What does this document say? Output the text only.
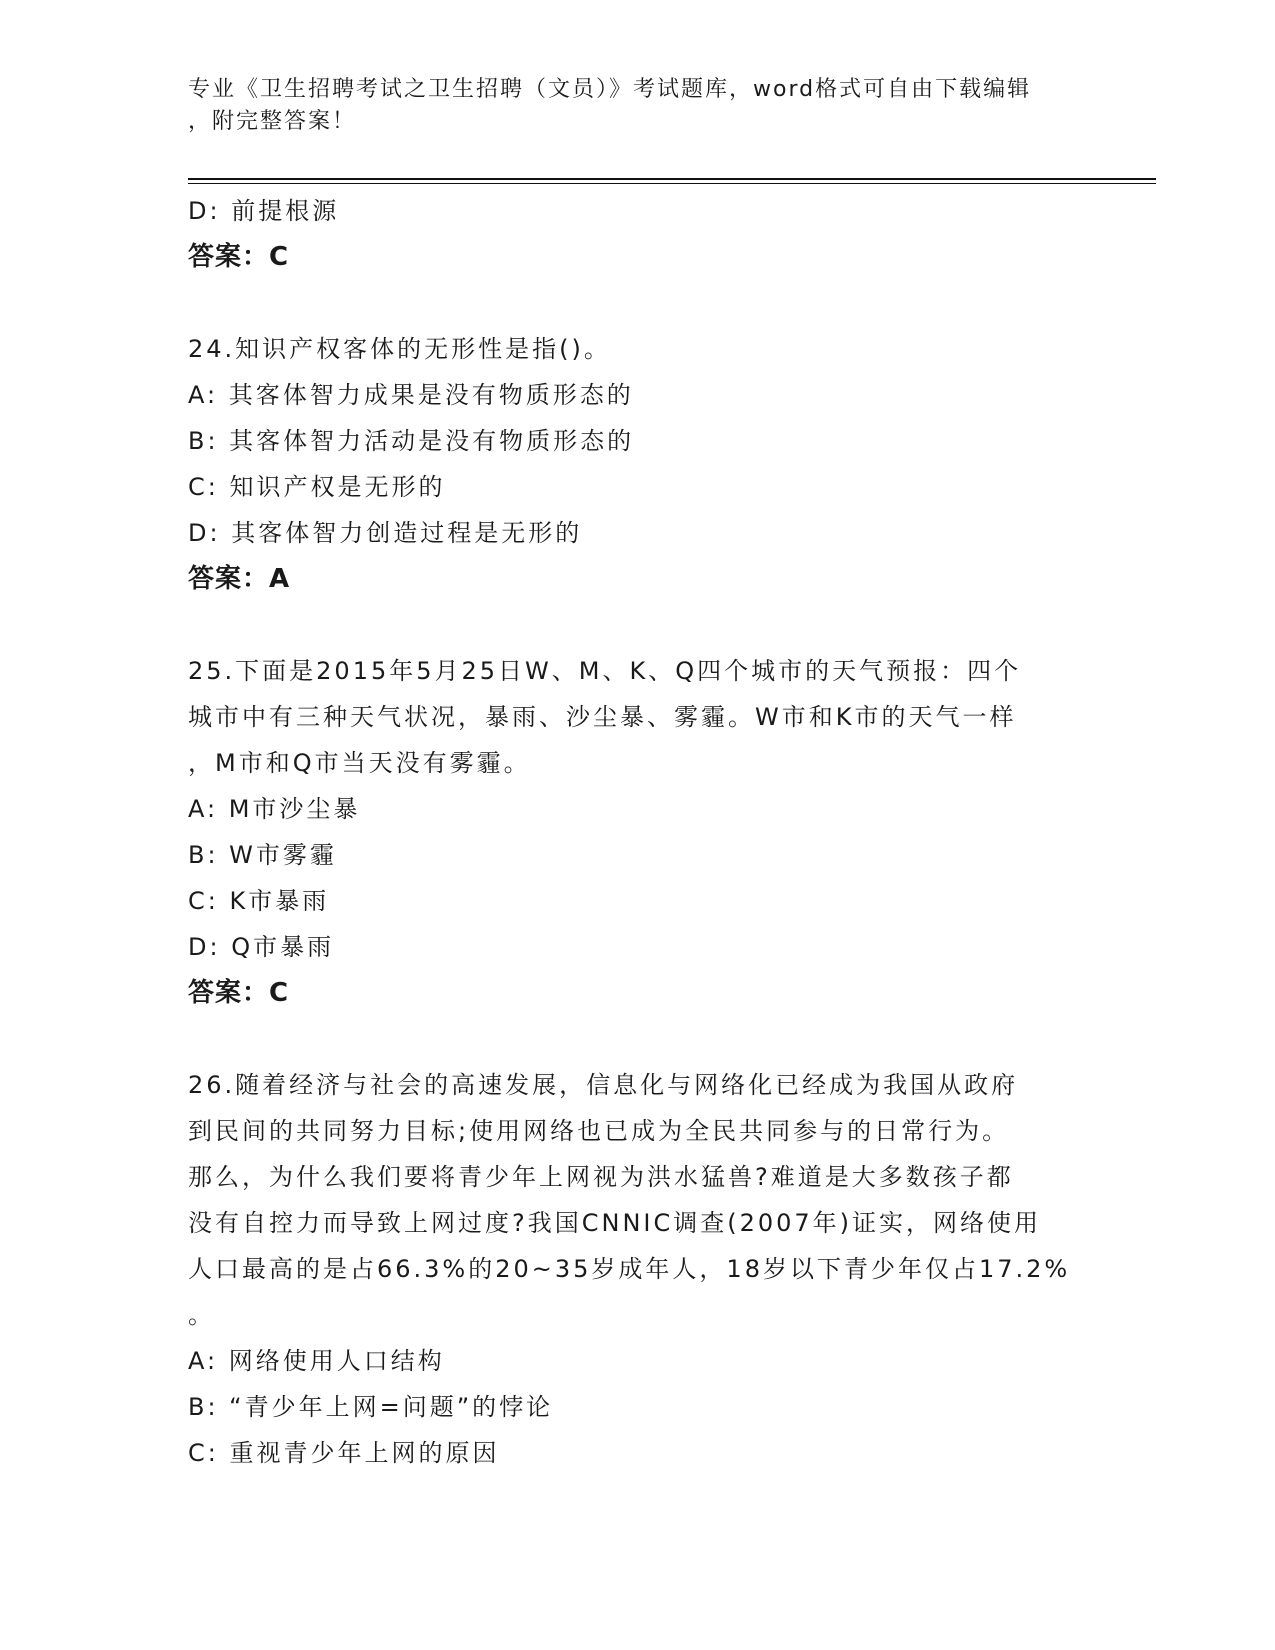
专业《卫生招聘考试之卫生招聘（文员）》考试题库，word格式可自由下载编辑
，附完整答案！
D: 前提根源
答案：C
24.知识产权客体的无形性是指()。
A: 其客体智力成果是没有物质形态的
B: 其客体智力活动是没有物质形态的
C: 知识产权是无形的
D: 其客体智力创造过程是无形的
答案：A
25.下面是2015年5月25日W、M、K、Q四个城市的天气预报：四个
城市中有三种天气状况，暴雨、沙尘暴、雾霾。W市和K市的天气一样
，M市和Q市当天没有雾霾。
A: M市沙尘暴
B: W市雾霾
C: K市暴雨
D: Q市暴雨
答案：C
26.随着经济与社会的高速发展，信息化与网络化已经成为我国从政府
到民间的共同努力目标;使用网络也已成为全民共同参与的日常行为。
那么，为什么我们要将青少年上网视为洪水猛兽?难道是大多数孩子都
没有自控力而导致上网过度?我国CNNIC调查(2007年)证实，网络使用
人口最高的是占66.3%的20~35岁成年人，18岁以下青少年仅占17.2%
。
A: 网络使用人口结构
B: “青少年上网=问题”的悖论
C: 重视青少年上网的原因
